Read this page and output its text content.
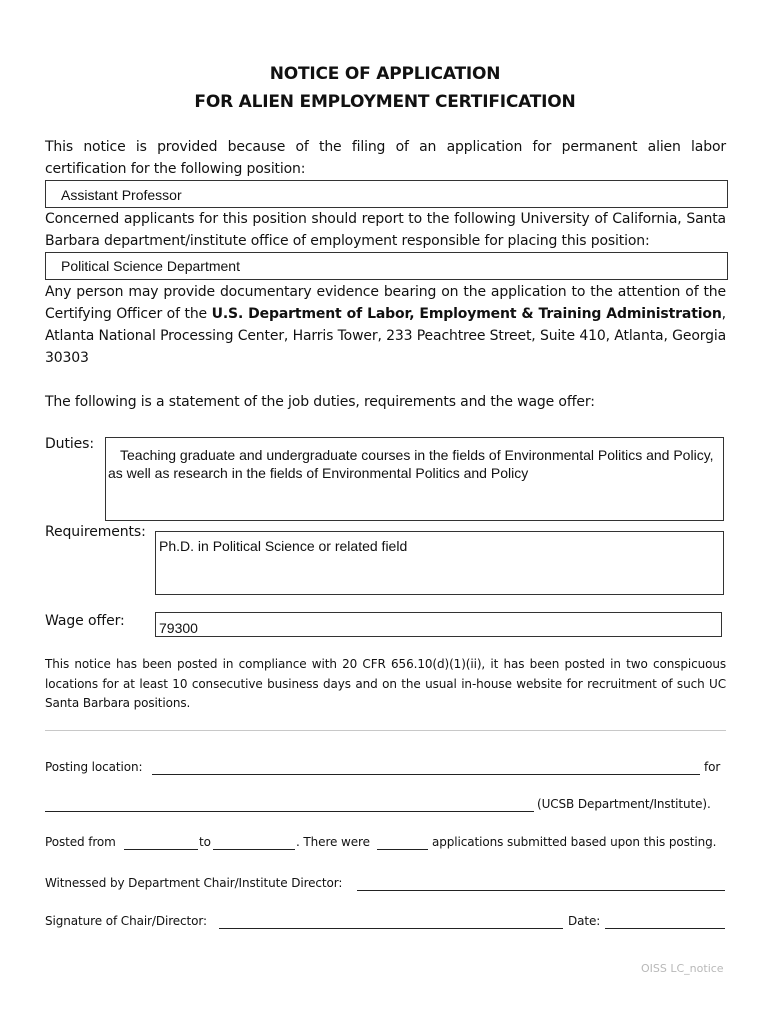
NOTICE OF APPLICATION
FOR ALIEN EMPLOYMENT CERTIFICATION
This notice is provided because of the filing of an application for permanent alien labor certification for the following position:
Assistant Professor
Concerned applicants for this position should report to the following University of California, Santa Barbara department/institute office of employment responsible for placing this position:
Political Science Department
Any person may provide documentary evidence bearing on the application to the attention of the Certifying Officer of the U.S. Department of Labor, Employment & Training Administration, Atlanta National Processing Center, Harris Tower, 233 Peachtree Street, Suite 410, Atlanta, Georgia 30303
The following is a statement of the job duties, requirements and the wage offer:
Duties:
Teaching graduate and undergraduate courses in the fields of Environmental Politics and Policy, as well as research in the fields of Environmental Politics and Policy
Requirements:
Ph.D. in Political Science or related field
Wage offer: 79300
This notice has been posted in compliance with 20 CFR 656.10(d)(1)(ii), it has been posted in two conspicuous locations for at least 10 consecutive business days and on the usual in-house website for recruitment of such UC Santa Barbara positions.
Posting location:	for
(UCSB Department/Institute).
Posted from	to	. There were	applications submitted based upon this posting.
Witnessed by Department Chair/Institute Director:
Signature of Chair/Director:	Date:
OISS LC_notice
